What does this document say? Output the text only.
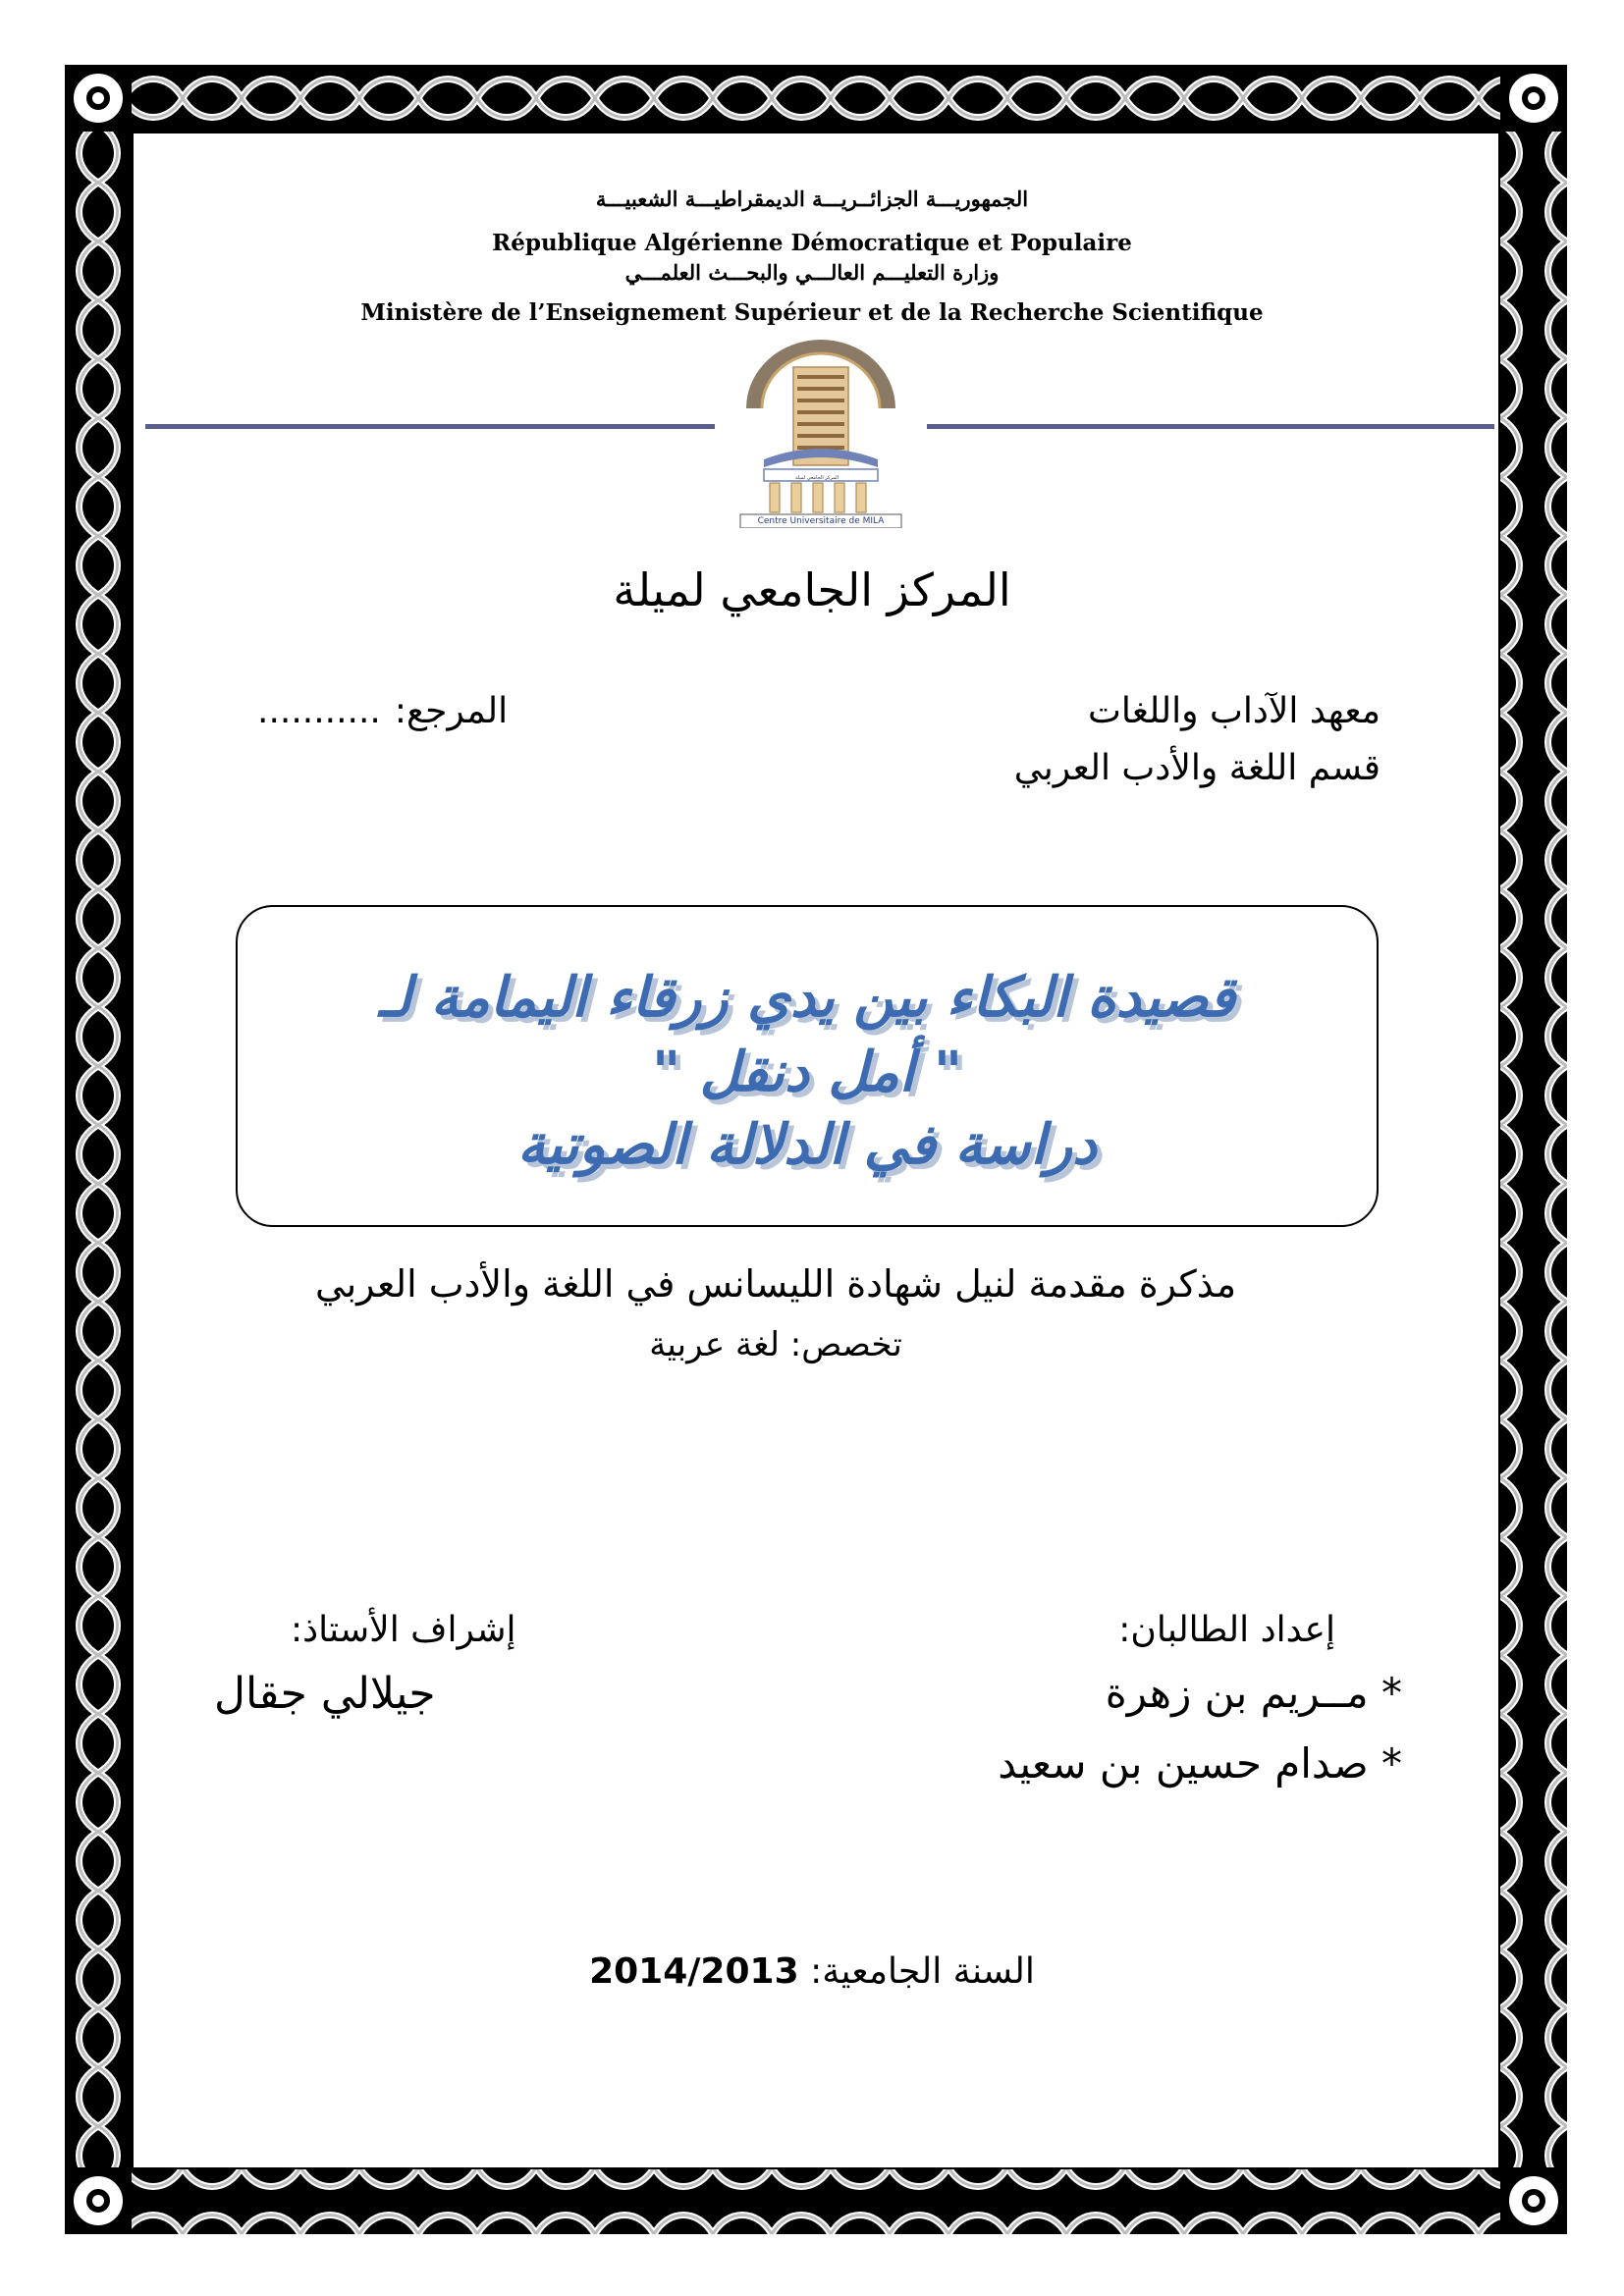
الجمهوريـــة الجزائــريـــة الديمقراطيـــة الشعبيـــة
République Algérienne Démocratique et Populaire
وزارة التعليـــم العالـــي والبحـــث العلمـــي
Ministère de l’Enseignement Supérieur et de la Recherche Scientifique
المركز الجامعي لميلة
Centre Universitaire de MILA
المركز الجامعي لميلة
معهد الآداب واللغات
قسم اللغة والأدب العربي
المرجع:
...........
قصيدة البكاء بين يدي زرقاء اليمامة لـ
" أمل دنقل "
دراسة في الدلالة الصوتية
مذكرة مقدمة لنيل شهادة الليسانس في اللغة والأدب العربي
تخصص: لغة عربية
إعداد الطالبان:
* مــريم بن زهرة
* صدام حسين بن سعيد
إشراف الأستاذ:
جيلالي جقال
السنة الجامعية: 2014/2013
